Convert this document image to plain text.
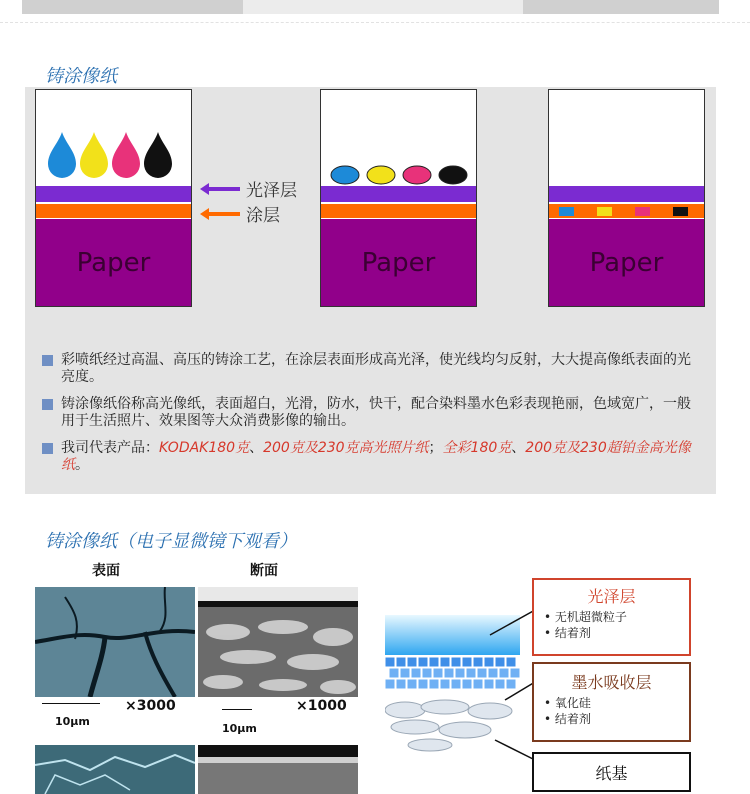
铸涂像纸
Paper
光泽层
涂层
Paper	Paper
彩喷纸经过高温、高压的铸涂工艺，在涂层表面形成高光泽，使光线均匀反射，大大提高像纸表面的光亮度。
铸涂像纸俗称高光像纸，表面超白，光滑，防水，快干，配合染料墨水色彩表现艳丽，色域宽广，一般用于生活照片、效果图等大众消费影像的输出。
我司代表产品：KODAK180克、200克及230克高光照片纸；全彩180克、200克及230超铂金高光像纸。
铸涂像纸（电子显微镜下观看）
表面	断面
10μm
×3000
10μm
×1000
光泽层
• 无机超微粒子
• 结着剂
墨水吸收层
• 氧化硅
• 结着剂
纸基
